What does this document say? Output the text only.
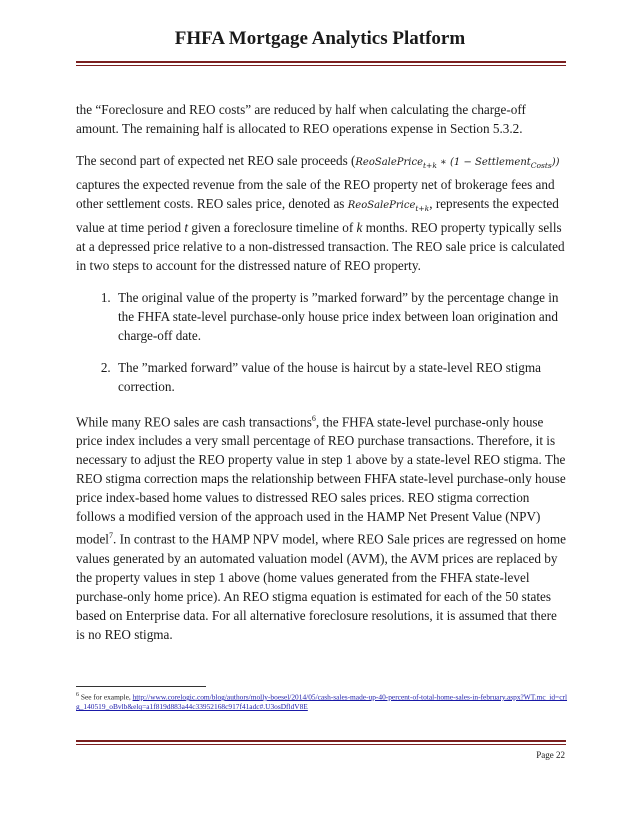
FHFA Mortgage Analytics Platform

the “Foreclosure and REO costs” are reduced by half when calculating the charge-off amount. The remaining half is allocated to REO operations expense in Section 5.3.2.

The second part of expected net REO sale proceeds (ReoSalePrice$_{t+k}$ ∗ (1 − Settlement$_{Costs}$)) captures the expected revenue from the sale of the REO property net of brokerage fees and other settlement costs. REO sales price, denoted as ReoSalePrice$_{t+k}$, represents the expected value at time period t given a foreclosure timeline of k months. REO property typically sells at a depressed price relative to a non-distressed transaction. The REO sale price is calculated in two steps to account for the distressed nature of REO property.

1. The original value of the property is ”marked forward” by the percentage change in the FHFA state-level purchase-only house price index between loan origination and charge-off date.
2. The ”marked forward” value of the house is haircut by a state-level REO stigma correction.

While many REO sales are cash transactions$^6$, the FHFA state-level purchase-only house price index includes a very small percentage of REO purchase transactions. Therefore, it is necessary to adjust the REO property value in step 1 above by a state-level REO stigma. The REO stigma correction maps the relationship between FHFA state-level purchase-only house price index-based home values to distressed REO sales prices. REO stigma correction follows a modified version of the approach used in the HAMP Net Present Value (NPV) model$^7$. In contrast to the HAMP NPV model, where REO Sale prices are regressed on home values generated by an automated valuation model (AVM), the AVM prices are replaced by the property values in step 1 above (home values generated from the FHFA state-level purchase-only home price). An REO stigma equation is estimated for each of the 50 states based on Enterprise data. For all alternative foreclosure resolutions, it is assumed that there is no REO stigma.

$^6$ See for example, http://www.corelogic.com/blog/authors/molly-boesel/2014/05/cash-sales-made-up-40-percent-of-total-home-sales-in-february.aspx?WT.mc_id=crlg_140519_oBvlb&elq=a1f819d883a44c33952168c917f41adc#.U3osDfldV8E
Page 22
